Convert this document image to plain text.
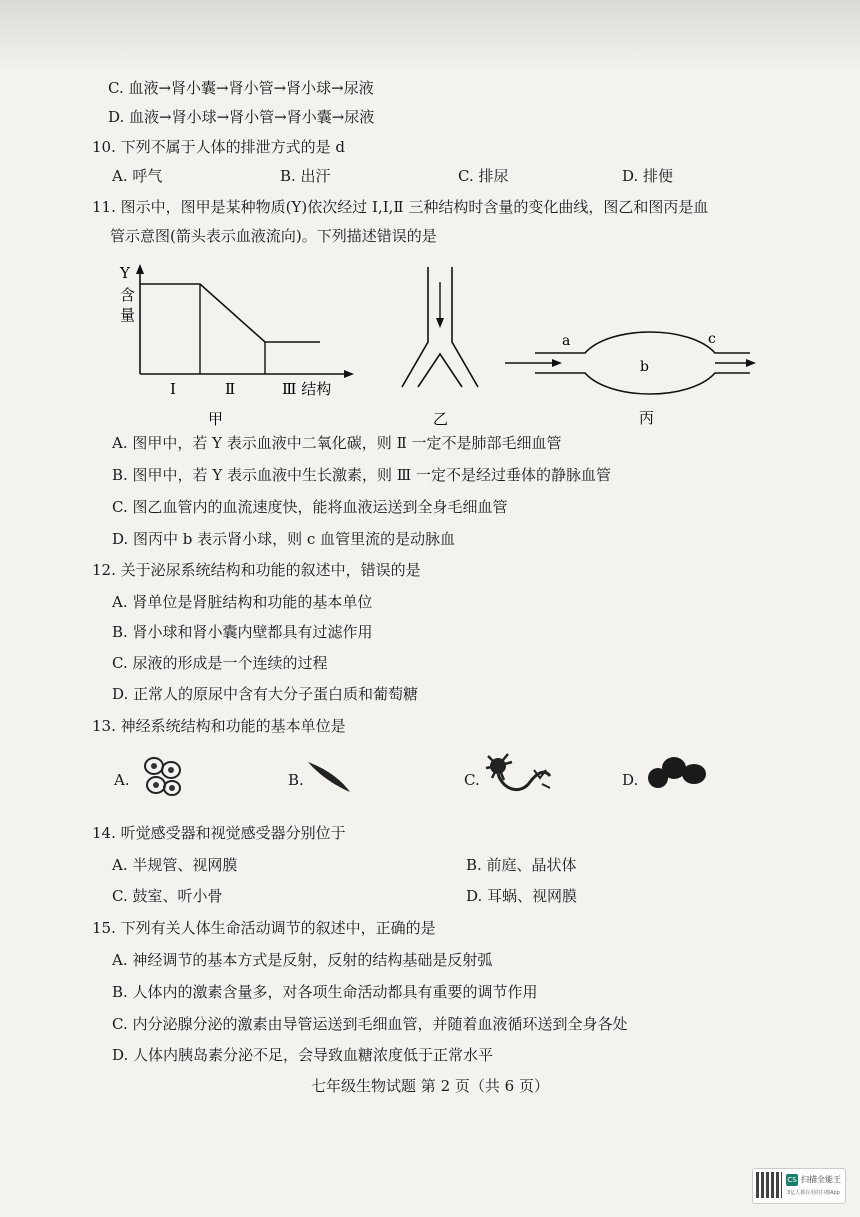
C. 血液→肾小囊→肾小管→肾小球→尿液
D. 血液→肾小球→肾小管→肾小囊→尿液
10. 下列不属于人体的排泄方式的是 d
A. 呼气	B. 出汗	C. 排尿	D. 排便
11. 图示中，图甲是某种物质(Y)依次经过 Ⅰ,Ⅰ,Ⅱ 三种结构时含量的变化曲线，图乙和图丙是血
管示意图(箭头表示血液流向)。下列描述错误的是
Y
含
量
Ⅰ	Ⅱ	Ⅲ 结构
甲	乙
a
b
c
丙
A. 图甲中，若 Y 表示血液中二氧化碳，则 Ⅱ 一定不是肺部毛细血管
B. 图甲中，若 Y 表示血液中生长激素，则 Ⅲ 一定不是经过垂体的静脉血管
C. 图乙血管内的血流速度快，能将血液运送到全身毛细血管
D. 图丙中 b 表示肾小球，则 c 血管里流的是动脉血
12. 关于泌尿系统结构和功能的叙述中，错误的是
A. 肾单位是肾脏结构和功能的基本单位
B. 肾小球和肾小囊内壁都具有过滤作用
C. 尿液的形成是一个连续的过程
D. 正常人的原尿中含有大分子蛋白质和葡萄糖
13. 神经系统结构和功能的基本单位是
A.	B.	C.	D.
14. 听觉感受器和视觉感受器分别位于
A. 半规管、视网膜	B. 前庭、晶状体
C. 鼓室、听小骨	D. 耳蜗、视网膜
15. 下列有关人体生命活动调节的叙述中，正确的是
A. 神经调节的基本方式是反射，反射的结构基础是反射弧
B. 人体内的激素含量多，对各项生命活动都具有重要的调节作用
C. 内分泌腺分泌的激素由导管运送到毛细血管，并随着血液循环送到全身各处
D. 人体内胰岛素分泌不足，会导致血糖浓度低于正常水平
七年级生物试题 第 2 页（共 6 页）
CS 扫描全能王
3亿人都在用的扫描App
